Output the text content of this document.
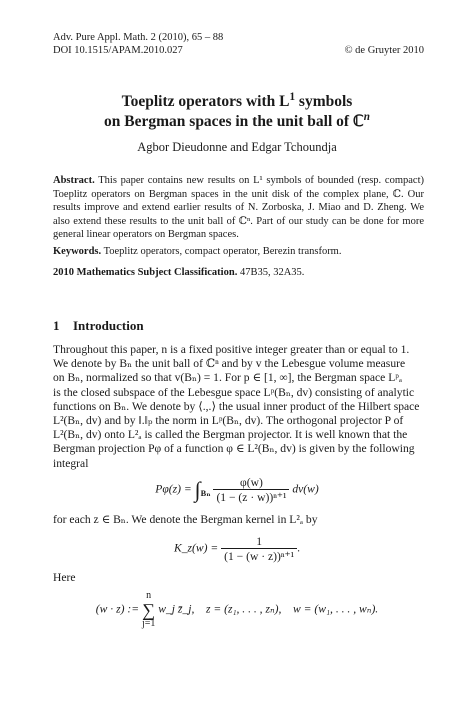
Adv. Pure Appl. Math. 2 (2010), 65 – 88
DOI 10.1515/APAM.2010.027	© de Gruyter 2010
Toeplitz operators with $L^1$ symbols
on Bergman spaces in the unit ball of ℂ$^n$
Agbor Dieudonne and Edgar Tchoundja
Abstract. This paper contains new results on L¹ symbols of bounded (resp. compact) Toeplitz operators on Bergman spaces in the unit disk of the complex plane, ℂ. Our results improve and extend earlier results of N. Zorboska, J. Miao and D. Zheng. We also extend these results to the unit ball of ℂⁿ. Part of our study can be done for more general linear operators on Bergman spaces.
Keywords. Toeplitz operators, compact operator, Berezin transform.
2010 Mathematics Subject Classification. 47B35, 32A35.
1 Introduction
Throughout this paper, n is a fixed positive integer greater than or equal to 1.
We denote by Bₙ the unit ball of ℂⁿ and by v the Lebesgue volume measure
on Bₙ, normalized so that v(Bₙ) = 1. For p ∈ [1, ∞], the Bergman space Lᵖₐ
is the closed subspace of the Lebesgue space Lᵖ(Bₙ, dv) consisting of analytic
functions on Bₙ. We denote by ⟨.,.⟩ the usual inner product of the Hilbert space
L²(Bₙ, dv) and by ‖.‖ₚ the norm in Lᵖ(Bₙ, dv). The orthogonal projector P of
L²(Bₙ, dv) onto L²ₐ is called the Bergman projector. It is well known that the
Bergman projection Pφ of a function φ ∈ L²(Bₙ, dv) is given by the following
integral
$P\varphi(z) = \int_{B_n} \frac{\varphi(w)}{\text{(1 − (z · w))ⁿ⁺¹}} dv(w)$
for each z ∈ Bₙ. We denote the Bergman kernel in L²ₐ by
K_z(w) = $\frac{1}{\text{(1 − (w · z))ⁿ⁺¹}}$ .
Here
(w · z) :=
n
∑
j=1
w_j z̄_j, z = (z₁, . . . , zₙ), w = (w₁, . . . , wₙ).
